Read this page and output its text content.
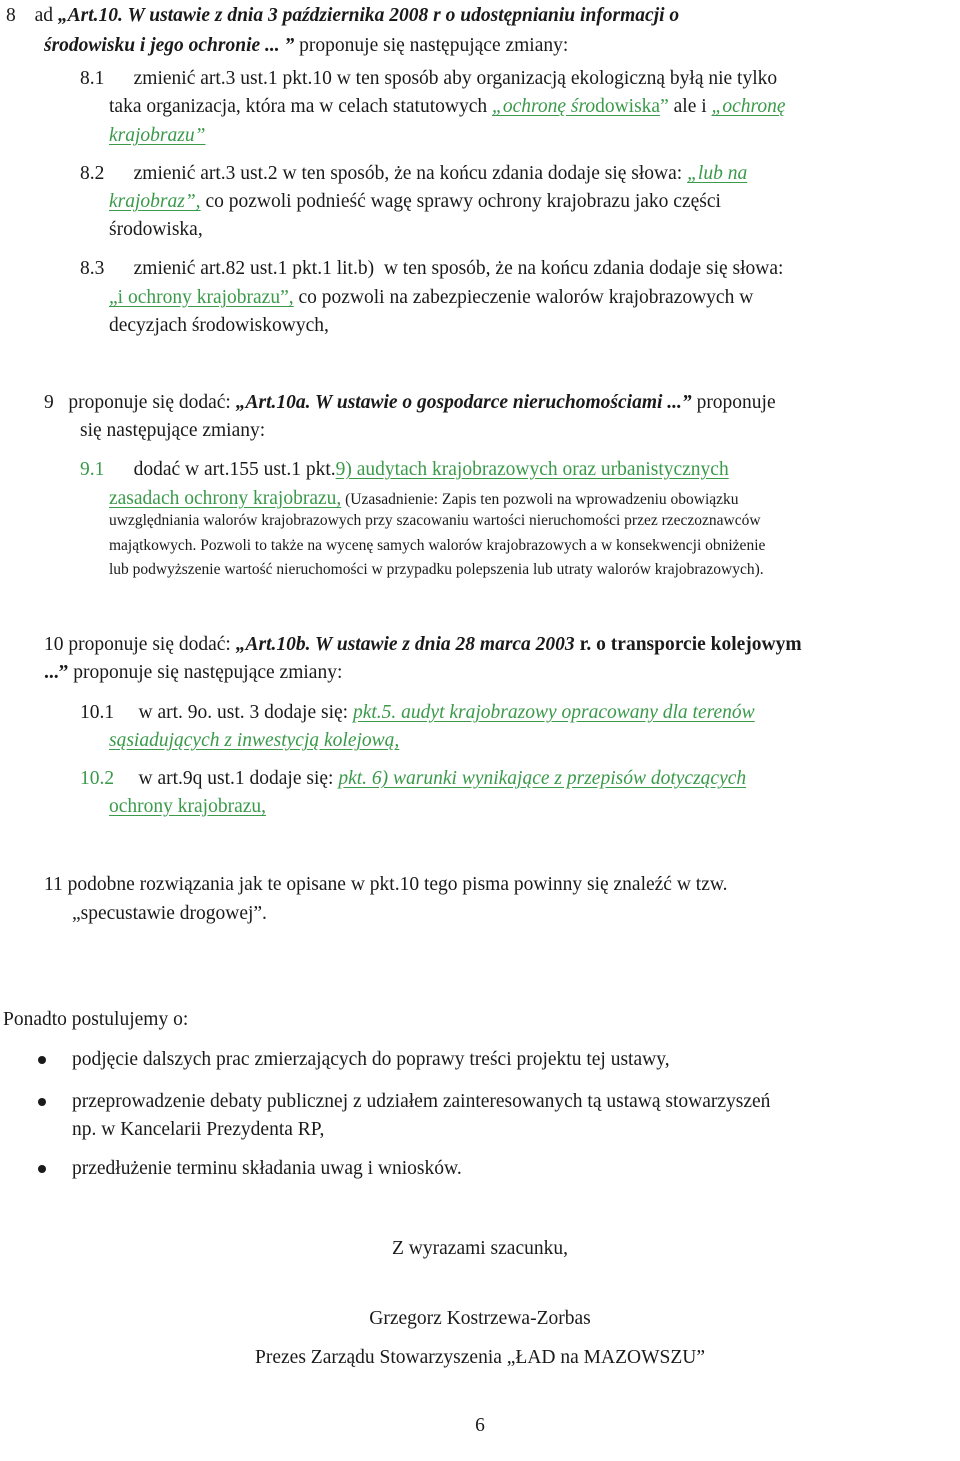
8 ad „Art.10. W ustawie z dnia 3 października 2008 r o udostępnianiu informacji o
środowisku i jego ochronie ... ” proponuje się następujące zmiany:
8.1      zmienić art.3 ust.1 pkt.10 w ten sposób aby organizacją ekologiczną byłą nie tylko
taka organizacja, która ma w celach statutowych „ochronę środowiska” ale i „ochronę
krajobrazu”
8.2      zmienić art.3 ust.2 w ten sposób, że na końcu zdania dodaje się słowa: „lub na
krajobraz”, co pozwoli podnieść wagę sprawy ochrony krajobrazu jako części
środowiska,
8.3      zmienić art.82 ust.1 pkt.1 lit.b)  w ten sposób, że na końcu zdania dodaje się słowa:
„i ochrony krajobrazu”, co pozwoli na zabezpieczenie walorów krajobrazowych w
decyzjach środowiskowych,
9   proponuje się dodać: „Art.10a. W ustawie o gospodarce nieruchomościami ...” proponuje
się następujące zmiany:
9.1      dodać w art.155 ust.1 pkt.9) audytach krajobrazowych oraz urbanistycznych
zasadach ochrony krajobrazu, (Uzasadnienie: Zapis ten pozwoli na wprowadzeniu obowiązku
uwzględniania walorów krajobrazowych przy szacowaniu wartości nieruchomości przez rzeczoznawców
majątkowych. Pozwoli to także na wycenę samych walorów krajobrazowych a w konsekwencji obniżenie
lub podwyższenie wartość nieruchomości w przypadku polepszenia lub utraty walorów krajobrazowych).
10 proponuje się dodać: „Art.10b. W ustawie z dnia 28 marca 2003 r. o transporcie kolejowym
...” proponuje się następujące zmiany:
10.1     w art. 9o. ust. 3 dodaje się: pkt.5. audyt krajobrazowy opracowany dla terenów
sąsiadujących z inwestycją kolejową,
10.2     w art.9q ust.1 dodaje się: pkt. 6) warunki wynikające z przepisów dotyczących
ochrony krajobrazu,
11 podobne rozwiązania jak te opisane w pkt.10 tego pisma powinny się znaleźć w tzw.
„specustawie drogowej”.
Ponadto postulujemy o:
podjęcie dalszych prac zmierzających do poprawy treści projektu tej ustawy,
przeprowadzenie debaty publicznej z udziałem zainteresowanych tą ustawą stowarzyszeń
np. w Kancelarii Prezydenta RP,
przedłużenie terminu składania uwag i wniosków.
Z wyrazami szacunku,
Grzegorz Kostrzewa-Zorbas
Prezes Zarządu Stowarzyszenia „ŁAD na MAZOWSZU”
6
